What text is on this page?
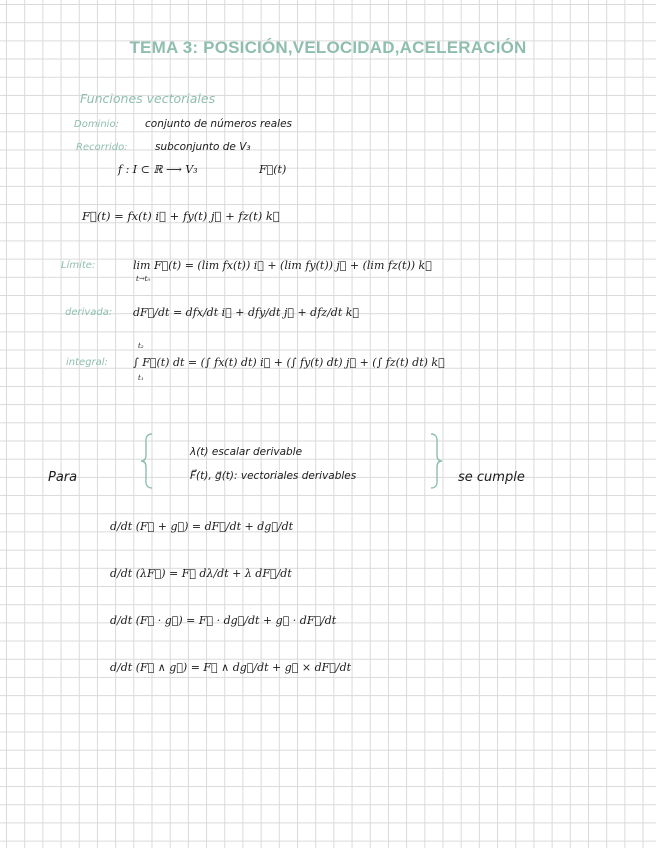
TEMA 3: POSICIÓN,VELOCIDAD,ACELERACIÓN
Funciones vectoriales
Dominio: conjunto de números reales
Recorrido:	subconjunto de V₃
f : I ⊂ ℝ ⟶ V₃	F⃗(t)
F⃗(t) = fx(t) i⃗ + fy(t) j⃗ + fz(t) k⃗
Límite:	lim F⃗(t) = (lim fx(t)) i⃗ + (lim fy(t)) j⃗ + (lim fz(t)) k⃗
t→t₀
derivada: dF⃗/dt = dfx/dt i⃗ + dfy/dt j⃗ + dfz/dt k⃗
integral:
t₂
∫ F⃗(t) dt = (∫ fx(t) dt) i⃗ + (∫ fy(t) dt) j⃗ + (∫ fz(t) dt) k⃗
t₁
Para
λ(t) escalar derivable
F⃗(t), g⃗(t): vectoriales derivables	se cumple
d/dt (F⃗ + g⃗) = dF⃗/dt + dg⃗/dt
d/dt (λF⃗) = F⃗ dλ/dt + λ dF⃗/dt
d/dt (F⃗ · g⃗) = F⃗ · dg⃗/dt + g⃗ · dF⃗/dt
d/dt (F⃗ ∧ g⃗) = F⃗ ∧ dg⃗/dt + g⃗ × dF⃗/dt
